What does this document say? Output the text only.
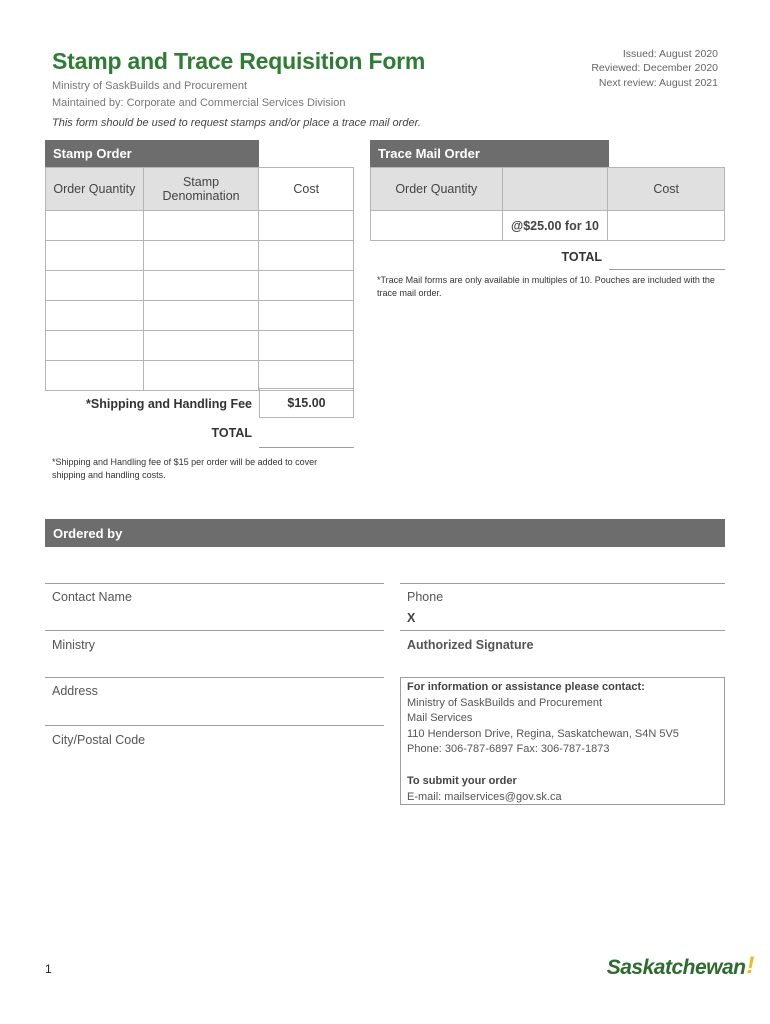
Stamp and Trace Requisition Form
Ministry of SaskBuilds and Procurement
Maintained by: Corporate and Commercial Services Division
Issued: August 2020
Reviewed: December 2020
Next review: August 2021
This form should be used to request stamps and/or place a trace mail order.
Stamp Order
Order Quantity	Stamp Denomination	Cost

*Shipping and Handling Fee	$15.00
TOTAL
*Shipping and Handling fee of $15 per order will be added to cover shipping and handling costs.
Trace Mail Order
Order Quantity		Cost
	@$25.00 for 10	
TOTAL
*Trace Mail forms are only available in multiples of 10. Pouches are included with the trace mail order.
Ordered by
Contact Name	Phone
X
Ministry	Authorized Signature
Address
City/Postal Code
For information or assistance please contact:
Ministry of SaskBuilds and Procurement
Mail Services
110 Henderson Drive, Regina, Saskatchewan, S4N 5V5
Phone: 306-787-6897 Fax: 306-787-1873
To submit your order
E-mail: mailservices@gov.sk.ca
1	Saskatchewan !
